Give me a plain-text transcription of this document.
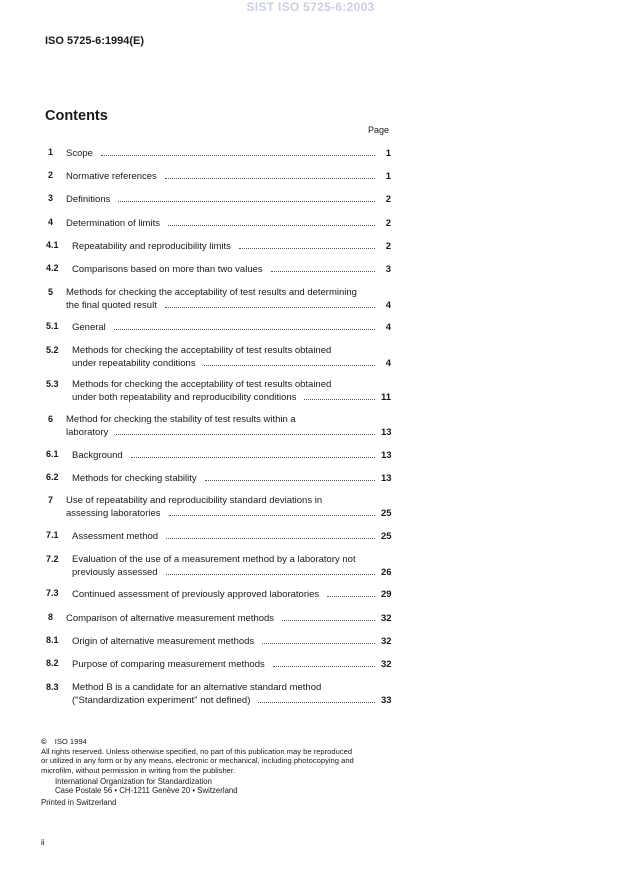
SIST ISO 5725-6:2003
ISO 5725-6:1994(E)
Contents
Page
1 Scope	1
2 Normative references	1
3 Definitions	2
4 Determination of limits	2
4.1 Repeatability and reproducibility limits	2
4.2 Comparisons based on more than two values	3
5 Methods for checking the acceptability of test results and determining
the final quoted result	4
5.1 General	4
5.2 Methods for checking the acceptability of test results obtained
under repeatability conditions	4
5.3 Methods for checking the acceptability of test results obtained
under both repeatability and reproducibility conditions	11
6 Method for checking the stability of test results within a
laboratory	13
6.1 Background	13
6.2 Methods for checking stability	13
7 Use of repeatability and reproducibility standard deviations in
assessing laboratories	25
7.1 Assessment method	25
7.2 Evaluation of the use of a measurement method by a laboratory not
previously assessed	26
7.3 Continued assessment of previously approved laboratories	29
8 Comparison of alternative measurement methods	32
8.1 Origin of alternative measurement methods	32
8.2 Purpose of comparing measurement methods	32
8.3 Method B is a candidate for an alternative standard method
("Standardization experiment" not defined)	33
© ISO 1994
All rights reserved. Unless otherwise specified, no part of this publication may be reproduced
or utilized in any form or by any means, electronic or mechanical, including photocopying and
microfilm, without permission in writing from the publisher.
International Organization for Standardization
Case Postale 56 • CH-1211 Genève 20 • Switzerland
Printed in Switzerland
ii
